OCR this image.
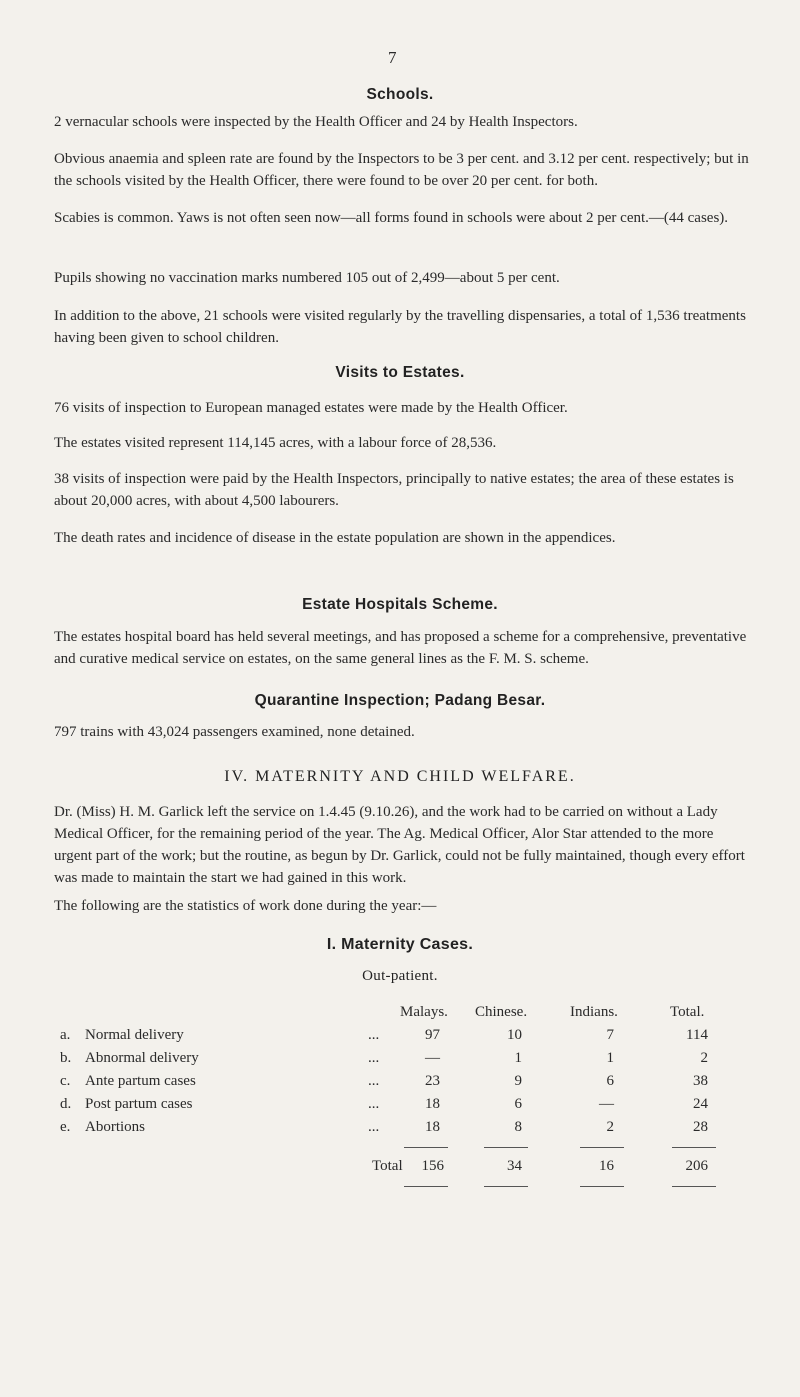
7
Schools.

2 vernacular schools were inspected by the Health Officer and 24 by Health Inspectors.

Obvious anaemia and spleen rate are found by the Inspectors to be 3 per cent. and 3.12 per cent. respectively; but in the schools visited by the Health Officer, there were found to be over 20 per cent. for both.

Scabies is common. Yaws is not often seen now—all forms found in schools were about 2 per cent.—(44 cases).

Pupils showing no vaccination marks numbered 105 out of 2,499—about 5 per cent.

In addition to the above, 21 schools were visited regularly by the travelling dispensaries, a total of 1,536 treatments having been given to school children.

Visits to Estates.

76 visits of inspection to European managed estates were made by the Health Officer.

The estates visited represent 114,145 acres, with a labour force of 28,536.

38 visits of inspection were paid by the Health Inspectors, principally to native estates; the area of these estates is about 20,000 acres, with about 4,500 labourers.

The death rates and incidence of disease in the estate population are shown in the appendices.

Estate Hospitals Scheme.

The estates hospital board has held several meetings, and has proposed a scheme for a comprehensive, preventative and curative medical service on estates, on the same general lines as the F. M. S. scheme.

Quarantine Inspection; Padang Besar.

797 trains with 43,024 passengers examined, none detained.

IV. MATERNITY AND CHILD WELFARE.

Dr. (Miss) H. M. Garlick left the service on 1.4.45 (9.10.26), and the work had to be carried on without a Lady Medical Officer, for the remaining period of the year. The Ag. Medical Officer, Alor Star attended to the more urgent part of the work; but the routine, as begun by Dr. Garlick, could not be fully maintained, though every effort was made to maintain the start we had gained in this work.

The following are the statistics of work done during the year:—

I. Maternity Cases.
Out-patient.
Malays. Chinese.	Indians.	Total.
a. Normal delivery	...	97	10	7	114
b. Abnormal delivery	...	—	1	1	2
c. Ante partum cases	...	23	9	6	38
d. Post partum cases	...	18	6	—	24
e. Abortions	...	18	8	2	28
Total	156	34	16	206
